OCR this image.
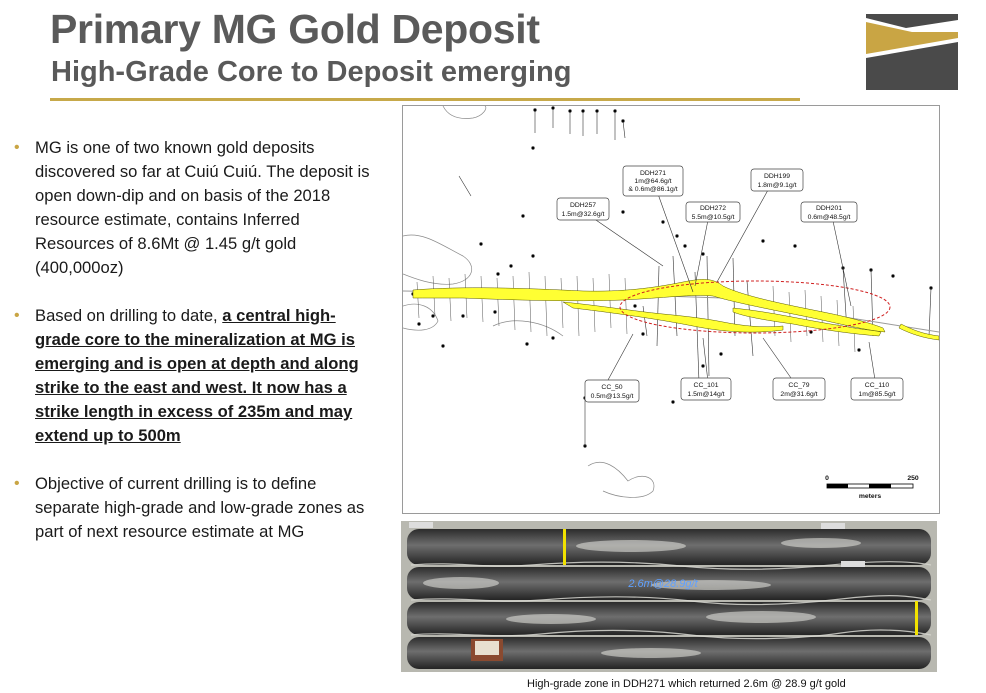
Primary MG Gold Deposit
High-Grade Core to Deposit emerging
• MG is one of two known gold deposits discovered so far at Cuiú Cuiú. The deposit is open down-dip and on basis of the 2018 resource estimate, contains Inferred Resources of 8.6Mt @ 1.45 g/t gold (400,000oz)
• Based on drilling to date, a central high-grade core to the mineralization at MG is emerging and is open at depth and along strike to the east and west. It now has a strike length in excess of 235m and may extend up to 500m
• Objective of current drilling is to define separate high-grade and low-grade zones as part of next resource estimate at MG
DDH271
1m@64.6g/t
& 0.6m@86.1g/t
DDH257
1.5m@32.6g/t
DDH272
5.5m@10.5g/t
DDH199
1.8m@9.1g/t
DDH201
0.6m@48.5g/t
CC_50
0.5m@13.5g/t
CC_101
1.5m@14g/t
CC_79
2m@31.6g/t
CC_110
1m@85.5g/t
0	250
meters
2.6m@28.9g/t
High-grade zone in DDH271 which returned 2.6m @ 28.9 g/t gold
